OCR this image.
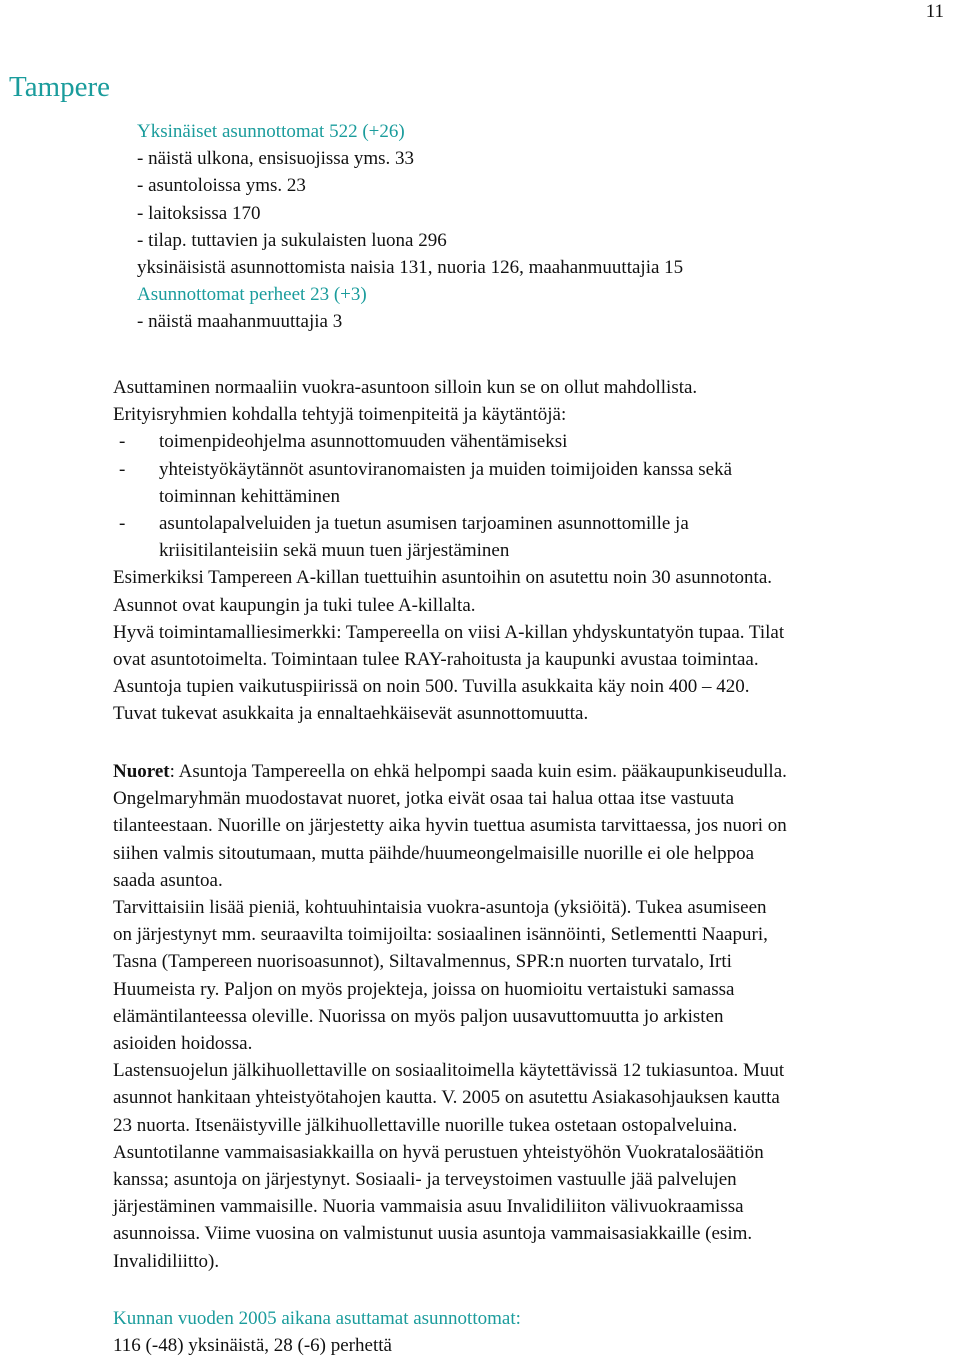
11
Tampere
Yksinäiset asunnottomat 522 (+26)
- näistä ulkona, ensisuojissa yms. 33
- asuntoloissa yms. 23
- laitoksissa 170
- tilap. tuttavien ja sukulaisten luona 296
yksinäisistä asunnottomista naisia 131, nuoria 126, maahanmuuttajia 15
Asunnottomat perheet 23 (+3)
- näistä maahanmuuttajia 3
Asuttaminen normaaliin vuokra-asuntoon silloin kun se on ollut mahdollista.
Erityisryhmien kohdalla tehtyjä toimenpiteitä ja käytäntöjä:
-	toimenpideohjelma asunnottomuuden vähentämiseksi
-	yhteistyökäytännöt asuntoviranomaisten ja muiden toimijoiden kanssa sekä
toiminnan kehittäminen
-	asuntolapalveluiden ja tuetun asumisen tarjoaminen asunnottomille ja
kriisitilanteisiin sekä muun tuen järjestäminen
Esimerkiksi Tampereen A-killan tuettuihin asuntoihin on asutettu noin 30 asunnotonta.
Asunnot ovat kaupungin ja tuki tulee A-killalta.
Hyvä toimintamalliesimerkki: Tampereella on viisi A-killan yhdyskuntatyön tupaa. Tilat
ovat asuntotoimelta. Toimintaan tulee RAY-rahoitusta ja kaupunki avustaa toimintaa.
Asuntoja tupien vaikutuspiirissä on noin 500. Tuvilla asukkaita käy noin 400 – 420.
Tuvat tukevat asukkaita ja ennaltaehkäisevät asunnottomuutta.
Nuoret: Asuntoja Tampereella on ehkä helpompi saada kuin esim. pääkaupunkiseudulla.
Ongelmaryhmän muodostavat nuoret, jotka eivät osaa tai halua ottaa itse vastuuta
tilanteestaan. Nuorille on järjestetty aika hyvin tuettua asumista tarvittaessa, jos nuori on
siihen valmis sitoutumaan, mutta päihde/huumeongelmaisille nuorille ei ole helppoa
saada asuntoa.
Tarvittaisiin lisää pieniä, kohtuuhintaisia vuokra-asuntoja (yksiöitä). Tukea asumiseen
on järjestynyt mm. seuraavilta toimijoilta: sosiaalinen isännöinti, Setlementti Naapuri,
Tasna (Tampereen nuorisoasunnot), Siltavalmennus, SPR:n nuorten turvatalo, Irti
Huumeista ry. Paljon on myös projekteja, joissa on huomioitu vertaistuki samassa
elämäntilanteessa oleville. Nuorissa on myös paljon uusavuttomuutta jo arkisten
asioiden hoidossa.
Lastensuojelun jälkihuollettaville on sosiaalitoimella käytettävissä 12 tukiasuntoa. Muut
asunnot hankitaan yhteistyötahojen kautta. V. 2005 on asutettu Asiakasohjauksen kautta
23 nuorta. Itsenäistyville jälkihuollettaville nuorille tukea ostetaan ostopalveluina.
Asuntotilanne vammaisasiakkailla on hyvä perustuen yhteistyöhön Vuokratalosäätiön
kanssa; asuntoja on järjestynyt. Sosiaali- ja terveystoimen vastuulle jää palvelujen
järjestäminen vammaisille. Nuoria vammaisia asuu Invalidiliiton välivuokraamissa
asunnoissa. Viime vuosina on valmistunut uusia asuntoja vammaisasiakkaille (esim.
Invalidiliitto).
Kunnan vuoden 2005 aikana asuttamat asunnottomat:
116 (-48) yksinäistä, 28 (-6) perhettä
